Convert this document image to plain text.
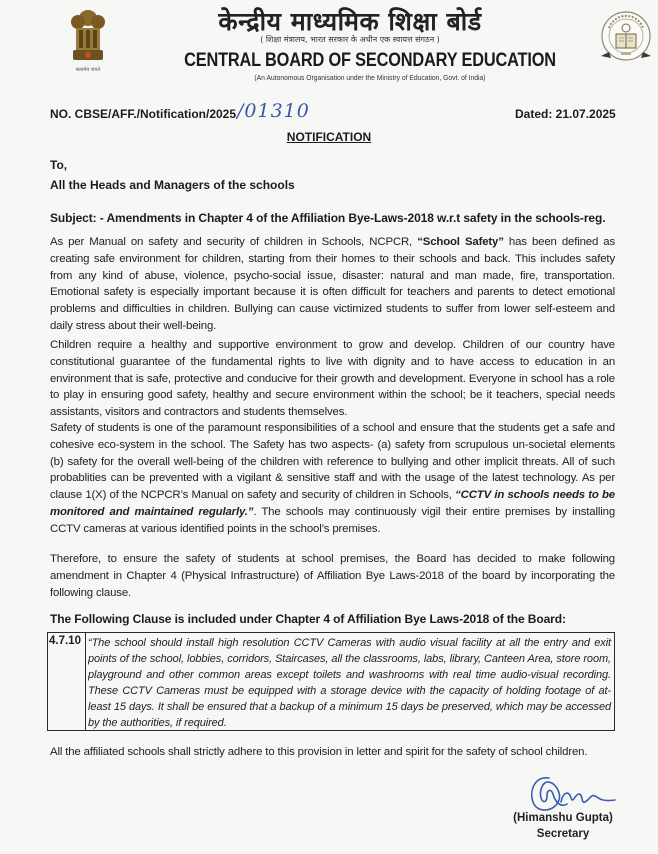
सत्यमेव जयते
केन्द्रीय माध्यमिक शिक्षा बोर्ड
( शिक्षा मंत्रालय, भारत सरकार के अधीन एक स्वायत्त संगठन )
CENTRAL BOARD OF SECONDARY EDUCATION
(An Autonomous Organisation under the Ministry of Education, Govt. of India)
NO. CBSE/AFF./Notification/2025 /01310	Dated: 21.07.2025
NOTIFICATION
To,
All the Heads and Managers of the schools
Subject: - Amendments in Chapter 4 of the Affiliation Bye-Laws-2018 w.r.t safety in the schools-reg.
As per Manual on safety and security of children in Schools, NCPCR, “School Safety” has been defined as creating safe environment for children, starting from their homes to their schools and back. This includes safety from any kind of abuse, violence, psycho-social issue, disaster: natural and man made, fire, transportation. Emotional safety is especially important because it is often difficult for teachers and parents to detect emotional problems and difficulties in children. Bullying can cause victimized students to suffer from lower self-esteem and daily stress about their well-being.
Children require a healthy and supportive environment to grow and develop. Children of our country have constitutional guarantee of the fundamental rights to live with dignity and to have access to education in an environment that is safe, protective and conducive for their growth and development. Everyone in school has a role to play in ensuring good safety, healthy and secure environment within the school; be it teachers, special needs assistants, visitors and contractors and students themselves.
Safety of students is one of the paramount responsibilities of a school and ensure that the students get a safe and cohesive eco-system in the school. The Safety has two aspects- (a) safety from scrupulous un-societal elements (b) safety for the overall well-being of the children with reference to bullying and other implicit threats. All of such probablities can be prevented with a vigilant & sensitive staff and with the usage of the latest technology. As per clause 1(X) of the NCPCR’s Manual on safety and security of children in Schools, “CCTV in schools needs to be monitored and maintained regularly.”. The schools may continuously vigil their entire premises by installing CCTV cameras at various identified points in the school’s premises.
Therefore, to ensure the safety of students at school premises, the Board has decided to make following amendment in Chapter 4 (Physical Infrastructure) of Affiliation Bye Laws-2018 of the board by incorporating the following clause.
The Following Clause is included under Chapter 4 of Affiliation Bye Laws-2018 of the Board:
4.7.10 “The school should install high resolution CCTV Cameras with audio visual facility at all the entry and exit points of the school, lobbies, corridors, Staircases, all the classrooms, labs, library, Canteen Area, store room, playground and other common areas except toilets and washrooms with real time audio-visual recording. These CCTV Cameras must be equipped with a storage device with the capacity of holding footage of at-least 15 days. It shall be ensured that a backup of a minimum 15 days be preserved, which may be accessed by the authorities, if required.
All the affiliated schools shall strictly adhere to this provision in letter and spirit for the safety of school children.
(Himanshu Gupta)
Secretary
